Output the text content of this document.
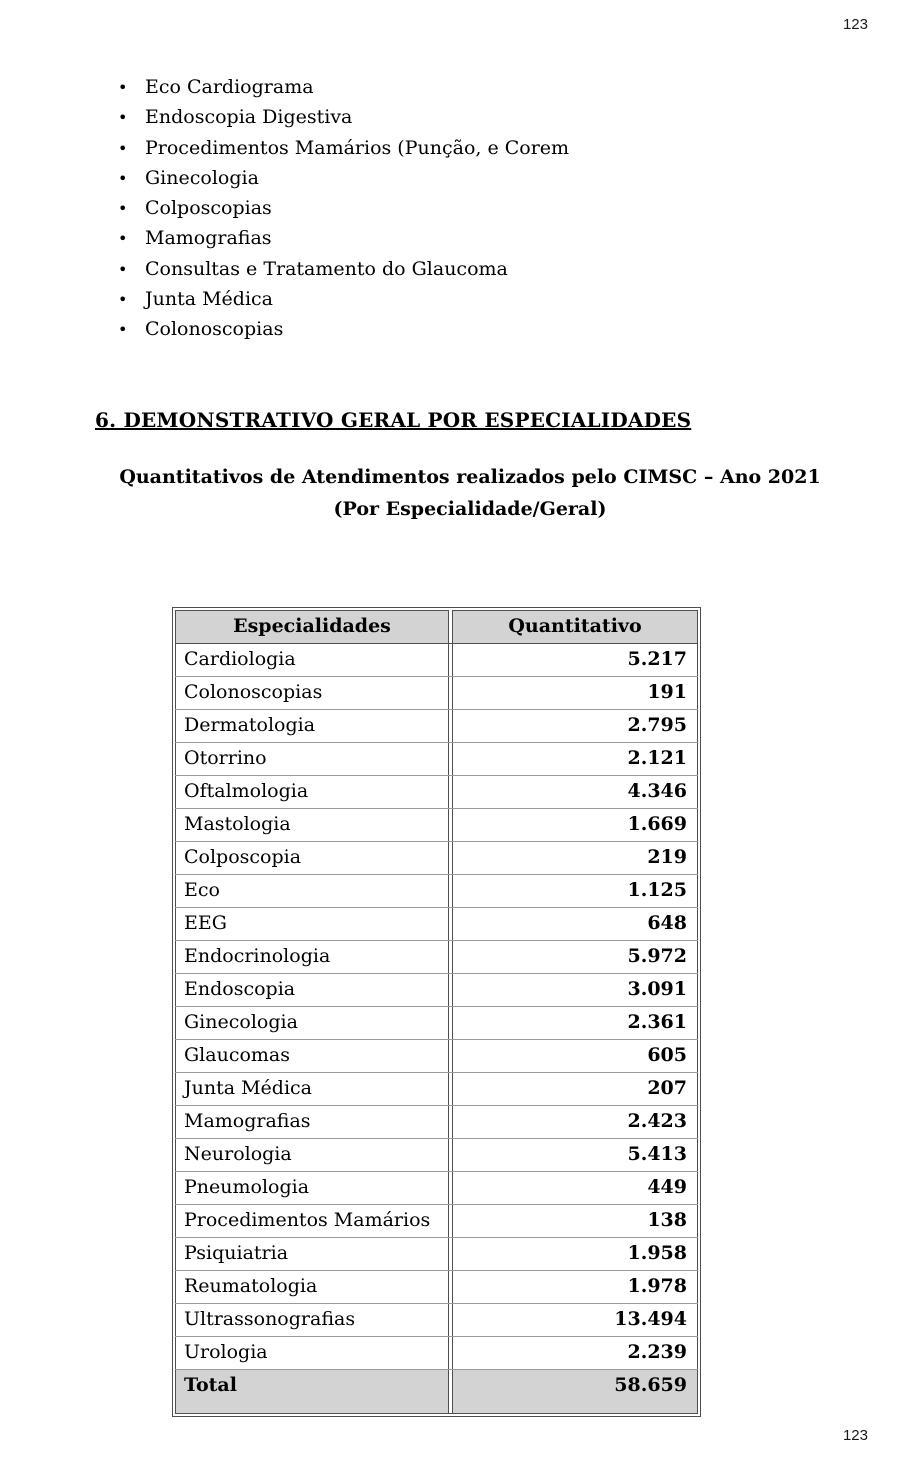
123
• Eco Cardiograma
• Endoscopia Digestiva
• Procedimentos Mamários (Punção, e Corem
• Ginecologia
• Colposcopias
• Mamografias
• Consultas e Tratamento do Glaucoma
• Junta Médica
• Colonoscopias
6. DEMONSTRATIVO GERAL POR ESPECIALIDADES
Quantitativos de Atendimentos realizados pelo CIMSC – Ano 2021
(Por Especialidade/Geral)
Especialidades	Quantitativo
Cardiologia	5.217
Colonoscopias	191
Dermatologia	2.795
Otorrino	2.121
Oftalmologia	4.346
Mastologia	1.669
Colposcopia	219
Eco	1.125
EEG	648
Endocrinologia	5.972
Endoscopia	3.091
Ginecologia	2.361
Glaucomas	605
Junta Médica	207
Mamografias	2.423
Neurologia	5.413
Pneumologia	449
Procedimentos Mamários	138
Psiquiatria	1.958
Reumatologia	1.978
Ultrassonografias	13.494
Urologia	2.239
Total	58.659
123
